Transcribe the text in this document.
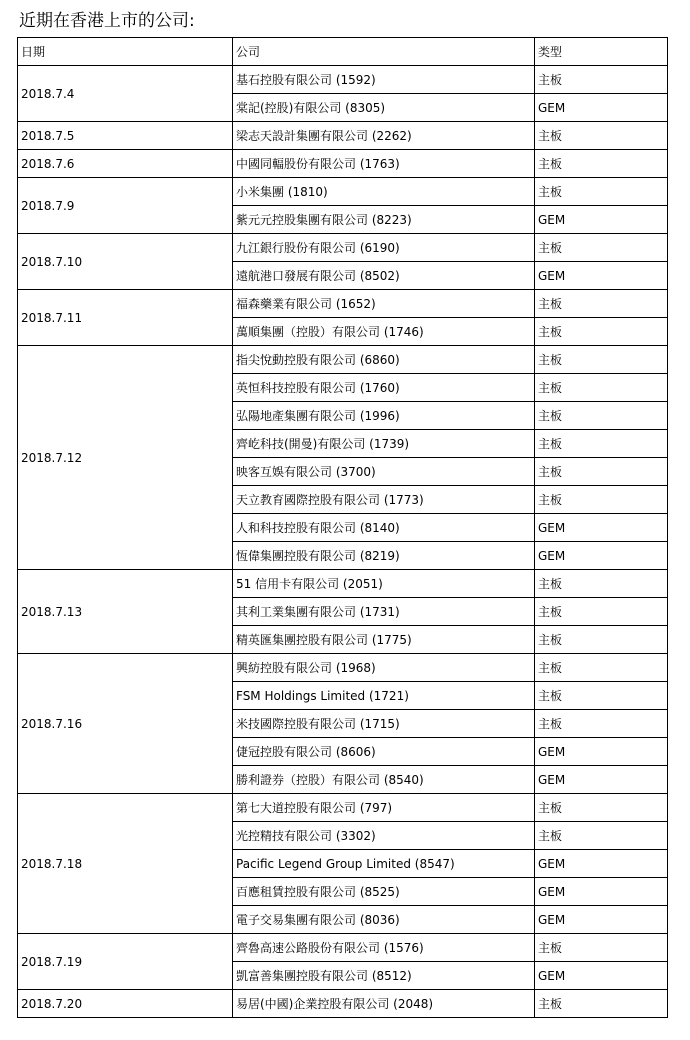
近期在香港上市的公司:
日期	公司	类型
2018.7.4	基石控股有限公司 (1592)	主板
	棠記(控股)有限公司 (8305)	GEM
2018.7.5	梁志天設計集團有限公司 (2262)	主板
2018.7.6	中國同輻股份有限公司 (1763)	主板
2018.7.9	小米集團 (1810)	主板
	紫元元控股集團有限公司 (8223)	GEM
2018.7.10	九江銀行股份有限公司 (6190)	主板
	遠航港口發展有限公司 (8502)	GEM
2018.7.11	福森藥業有限公司 (1652)	主板
	萬順集團（控股）有限公司 (1746)	主板
2018.7.12	指尖悅動控股有限公司 (6860)	主板
	英恒科技控股有限公司 (1760)	主板
	弘陽地產集團有限公司 (1996)	主板
	齊屹科技(開曼)有限公司 (1739)	主板
	映客互娛有限公司 (3700)	主板
	天立教育國際控股有限公司 (1773)	主板
	人和科技控股有限公司 (8140)	GEM
	恆偉集團控股有限公司 (8219)	GEM
2018.7.13	51 信用卡有限公司 (2051)	主板
	其利工業集團有限公司 (1731)	主板
	精英匯集團控股有限公司 (1775)	主板
2018.7.16	興紡控股有限公司 (1968)	主板
	FSM Holdings Limited (1721)	主板
	米技國際控股有限公司 (1715)	主板
	倢冠控股有限公司 (8606)	GEM
	勝利證券（控股）有限公司 (8540)	GEM
2018.7.18	第七大道控股有限公司 (797)	主板
	光控精技有限公司 (3302)	主板
	Pacific Legend Group Limited (8547)	GEM
	百應租賃控股有限公司 (8525)	GEM
	電子交易集團有限公司 (8036)	GEM
2018.7.19	齊魯高速公路股份有限公司 (1576)	主板
	凱富善集團控股有限公司 (8512)	GEM
2018.7.20	易居(中國)企業控股有限公司 (2048)	主板
